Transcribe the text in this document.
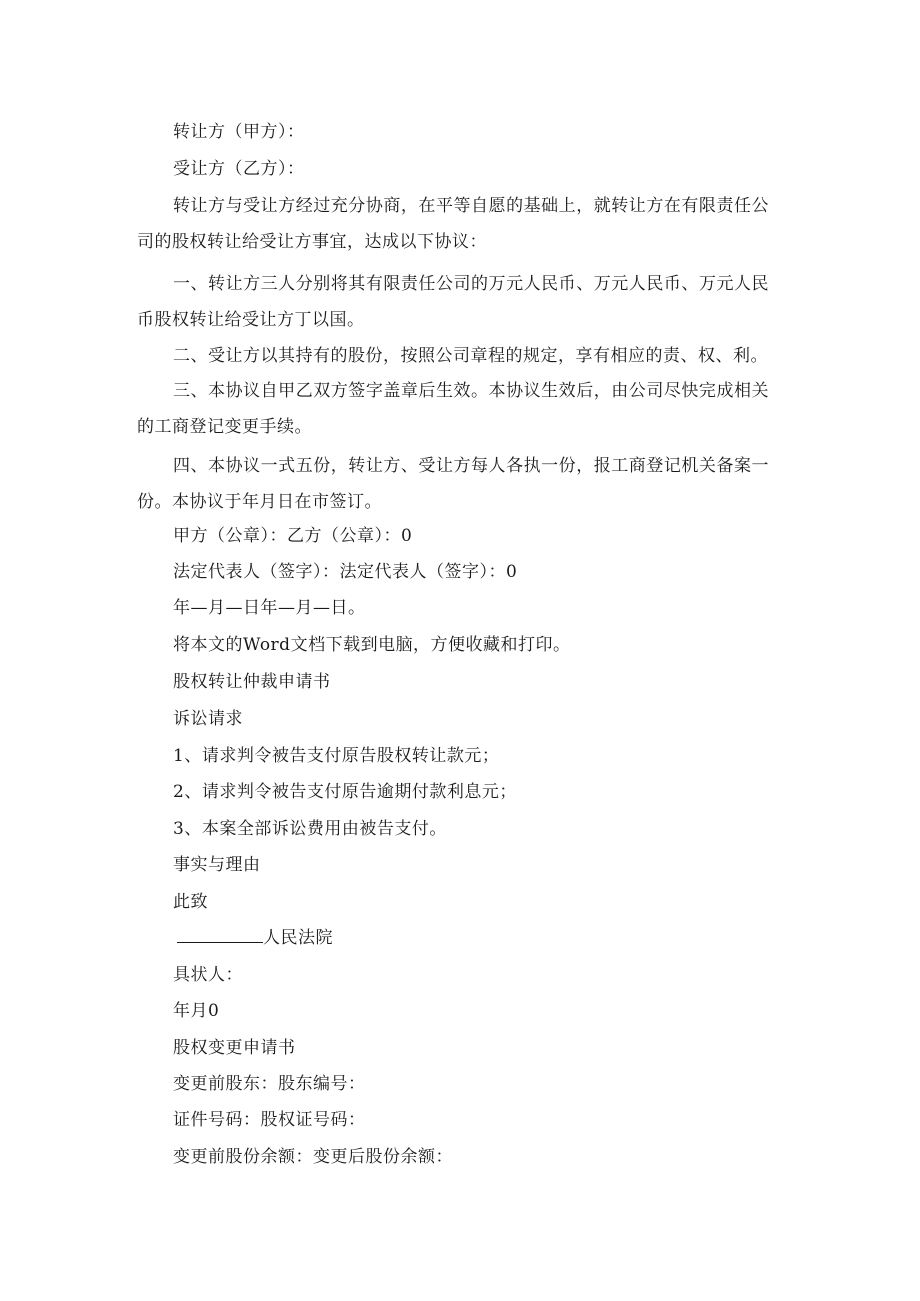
转让方（甲方）：
受让方（乙方）：
转让方与受让方经过充分协商，在平等自愿的基础上，就转让方在有限责任公司的股权转让给受让方事宜，达成以下协议：
一、转让方三人分别将其有限责任公司的万元人民币、万元人民币、万元人民币股权转让给受让方丁以国。
二、受让方以其持有的股份，按照公司章程的规定，享有相应的责、权、利。
三、本协议自甲乙双方签字盖章后生效。本协议生效后，由公司尽快完成相关的工商登记变更手续。
四、本协议一式五份，转让方、受让方每人各执一份，报工商登记机关备案一份。本协议于年月日在市签订。
甲方（公章）：乙方（公章）：0
法定代表人（签字）：法定代表人（签字）：0
年—月—日年—月—日。
将本文的Word文档下载到电脑，方便收藏和打印。
股权转让仲裁申请书
诉讼请求
1、请求判令被告支付原告股权转让款元；
2、请求判令被告支付原告逾期付款利息元；
3、本案全部诉讼费用由被告支付。
事实与理由
此致
人民法院
具状人：
年月0
股权变更申请书
变更前股东：股东编号：
证件号码：股权证号码：
变更前股份余额：变更后股份余额：
